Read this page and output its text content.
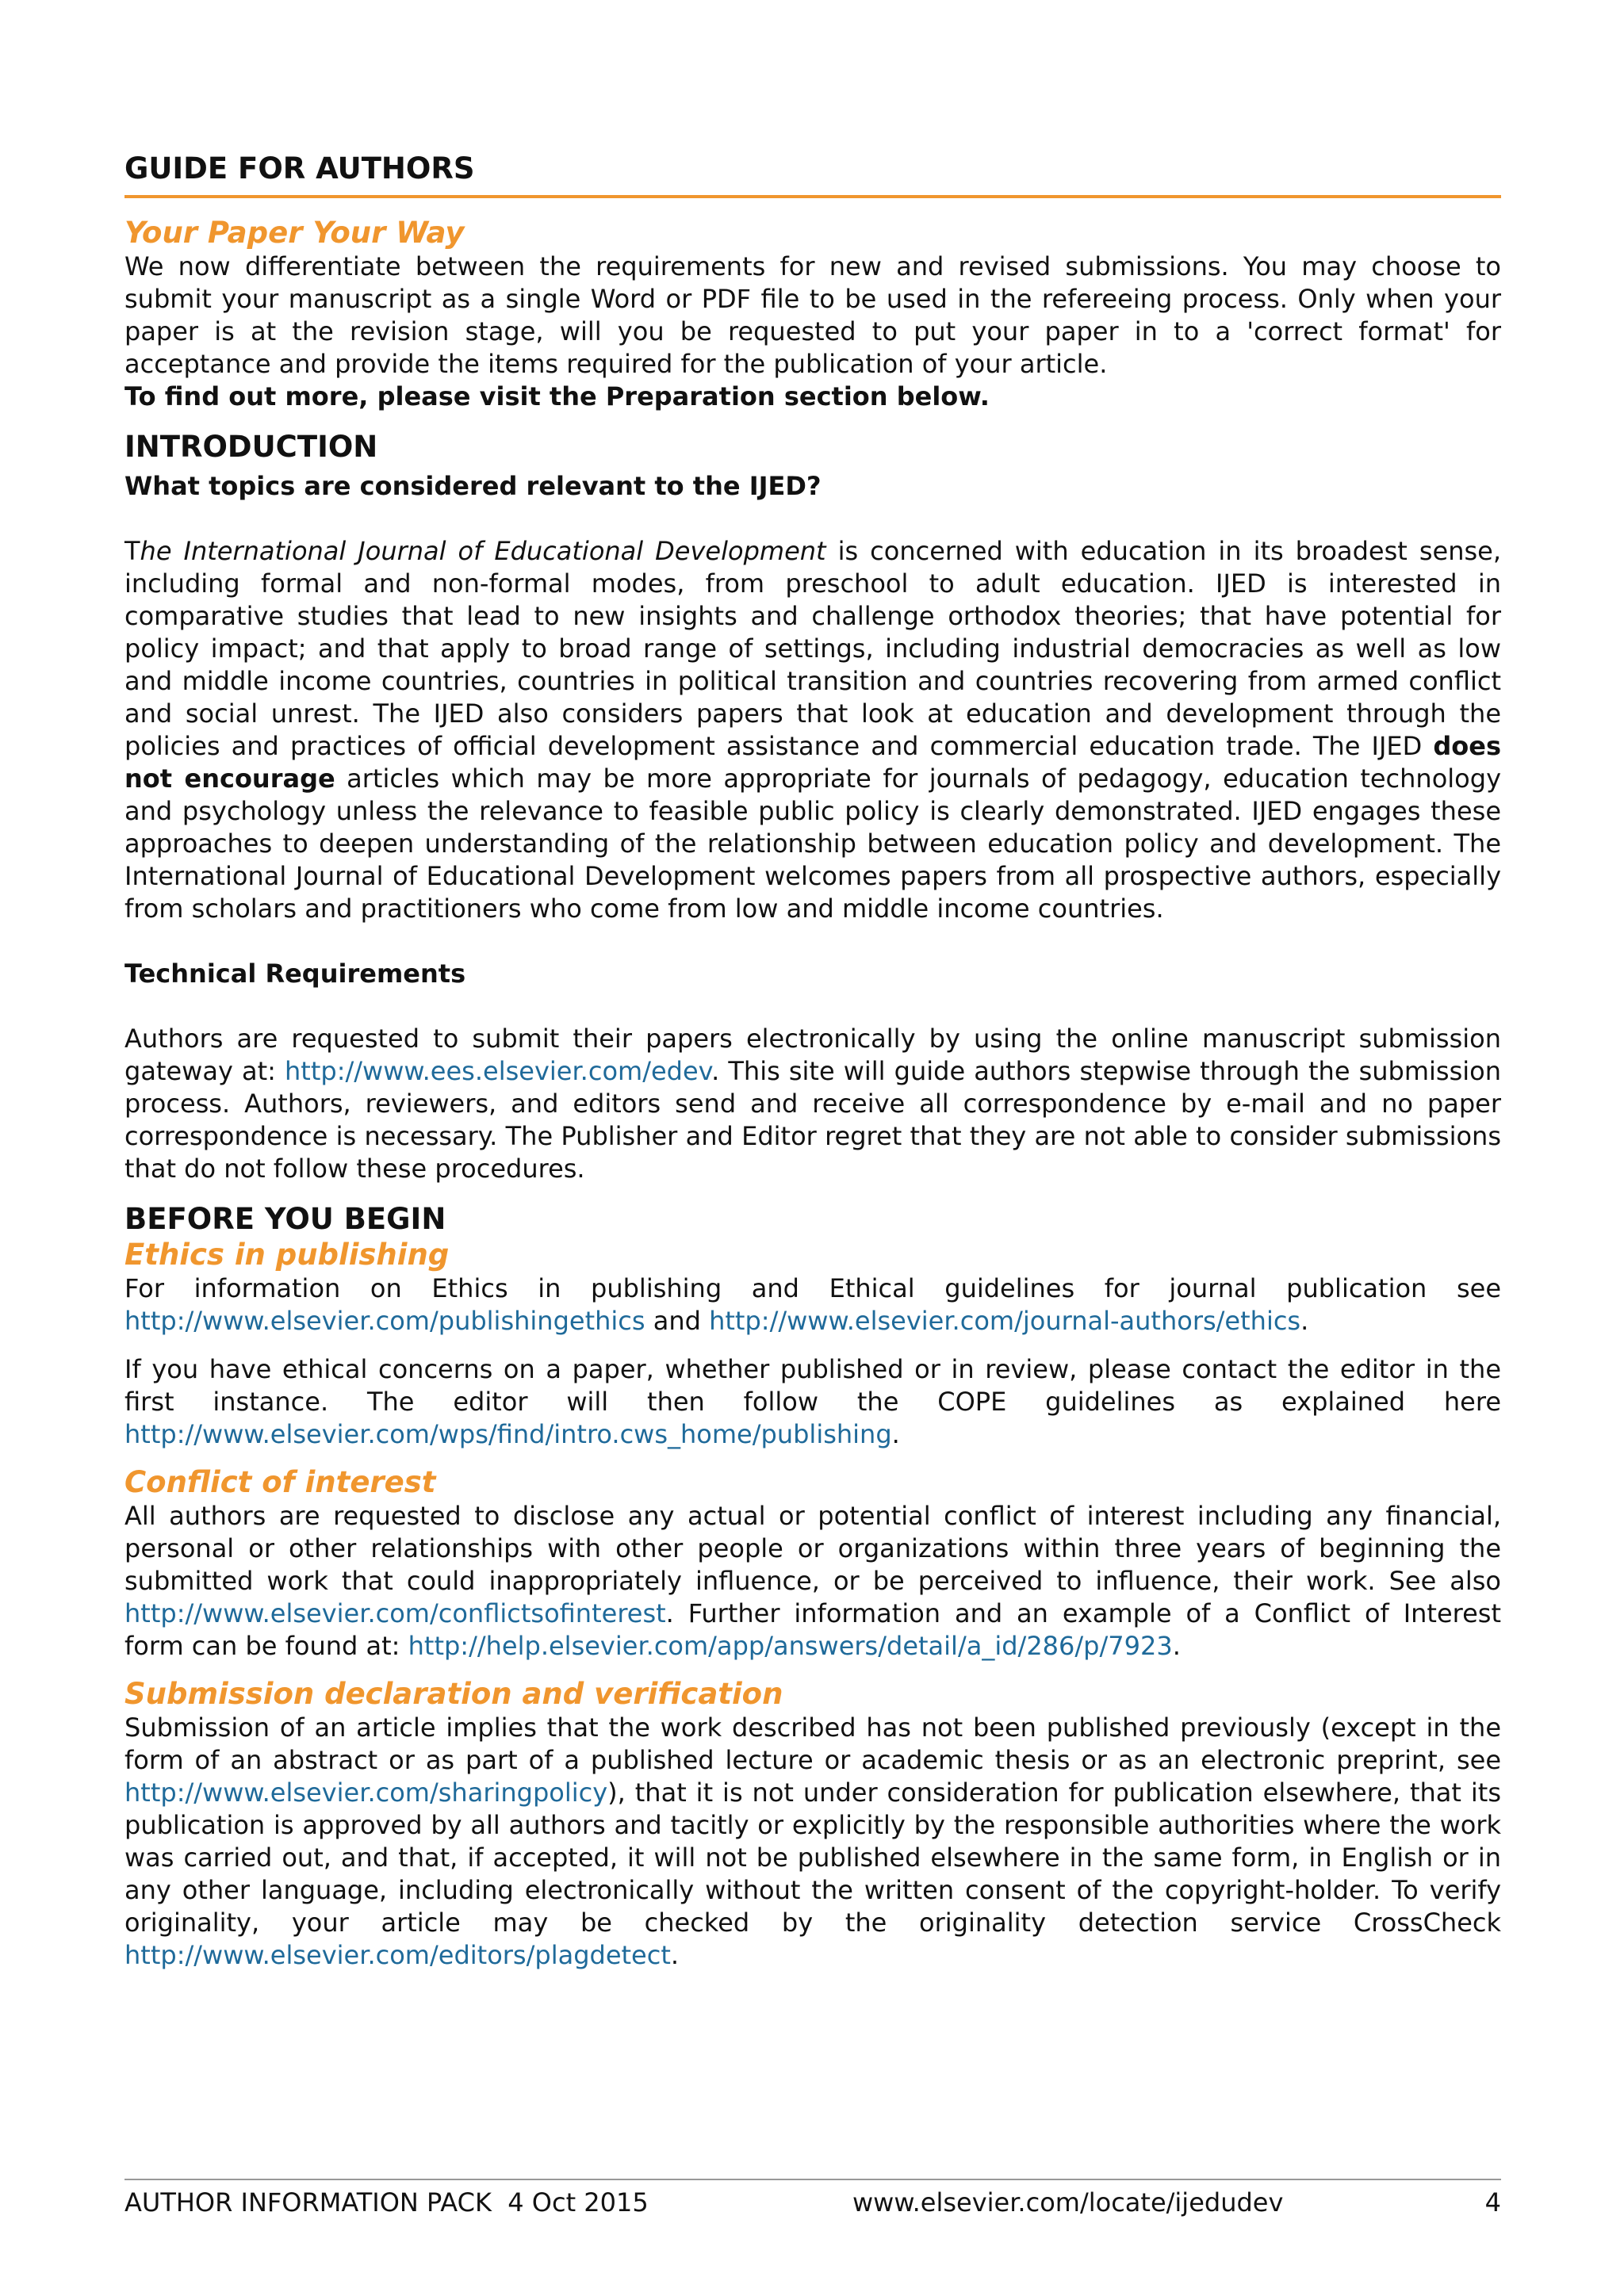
GUIDE FOR AUTHORS
Your Paper Your Way

We now differentiate between the requirements for new and revised submissions. You may choose to submit your manuscript as a single Word or PDF file to be used in the refereeing process. Only when your paper is at the revision stage, will you be requested to put your paper in to a 'correct format' for acceptance and provide the items required for the publication of your article.
To find out more, please visit the Preparation section below.

INTRODUCTION

What topics are considered relevant to the IJED?

The International Journal of Educational Development is concerned with education in its broadest sense, including formal and non-formal modes, from preschool to adult education. IJED is interested in comparative studies that lead to new insights and challenge orthodox theories; that have potential for policy impact; and that apply to broad range of settings, including industrial democracies as well as low and middle income countries, countries in political transition and countries recovering from armed conflict and social unrest. The IJED also considers papers that look at education and development through the policies and practices of official development assistance and commercial education trade. The IJED does not encourage articles which may be more appropriate for journals of pedagogy, education technology and psychology unless the relevance to feasible public policy is clearly demonstrated. IJED engages these approaches to deepen understanding of the relationship between education policy and development. The International Journal of Educational Development welcomes papers from all prospective authors, especially from scholars and practitioners who come from low and middle income countries.

Technical Requirements

Authors are requested to submit their papers electronically by using the online manuscript submission gateway at: http://www.ees.elsevier.com/edev. This site will guide authors stepwise through the submission process. Authors, reviewers, and editors send and receive all correspondence by e-mail and no paper correspondence is necessary. The Publisher and Editor regret that they are not able to consider submissions that do not follow these procedures.

BEFORE YOU BEGIN
Ethics in publishing

For information on Ethics in publishing and Ethical guidelines for journal publication see http://www.elsevier.com/publishingethics and http://www.elsevier.com/journal-authors/ethics.

If you have ethical concerns on a paper, whether published or in review, please contact the editor in the first instance. The editor will then follow the COPE guidelines as explained here http://www.elsevier.com/wps/find/intro.cws_home/publishing.

Conflict of interest

All authors are requested to disclose any actual or potential conflict of interest including any financial, personal or other relationships with other people or organizations within three years of beginning the submitted work that could inappropriately influence, or be perceived to influence, their work. See also http://www.elsevier.com/conflictsofinterest. Further information and an example of a Conflict of Interest form can be found at: http://help.elsevier.com/app/answers/detail/a_id/286/p/7923.

Submission declaration and verification

Submission of an article implies that the work described has not been published previously (except in the form of an abstract or as part of a published lecture or academic thesis or as an electronic preprint, see http://www.elsevier.com/sharingpolicy), that it is not under consideration for publication elsewhere, that its publication is approved by all authors and tacitly or explicitly by the responsible authorities where the work was carried out, and that, if accepted, it will not be published elsewhere in the same form, in English or in any other language, including electronically without the written consent of the copyright-holder. To verify originality, your article may be checked by the originality detection service CrossCheck http://www.elsevier.com/editors/plagdetect.

AUTHOR INFORMATION PACK  4 Oct 2015	www.elsevier.com/locate/ijedudev	4
